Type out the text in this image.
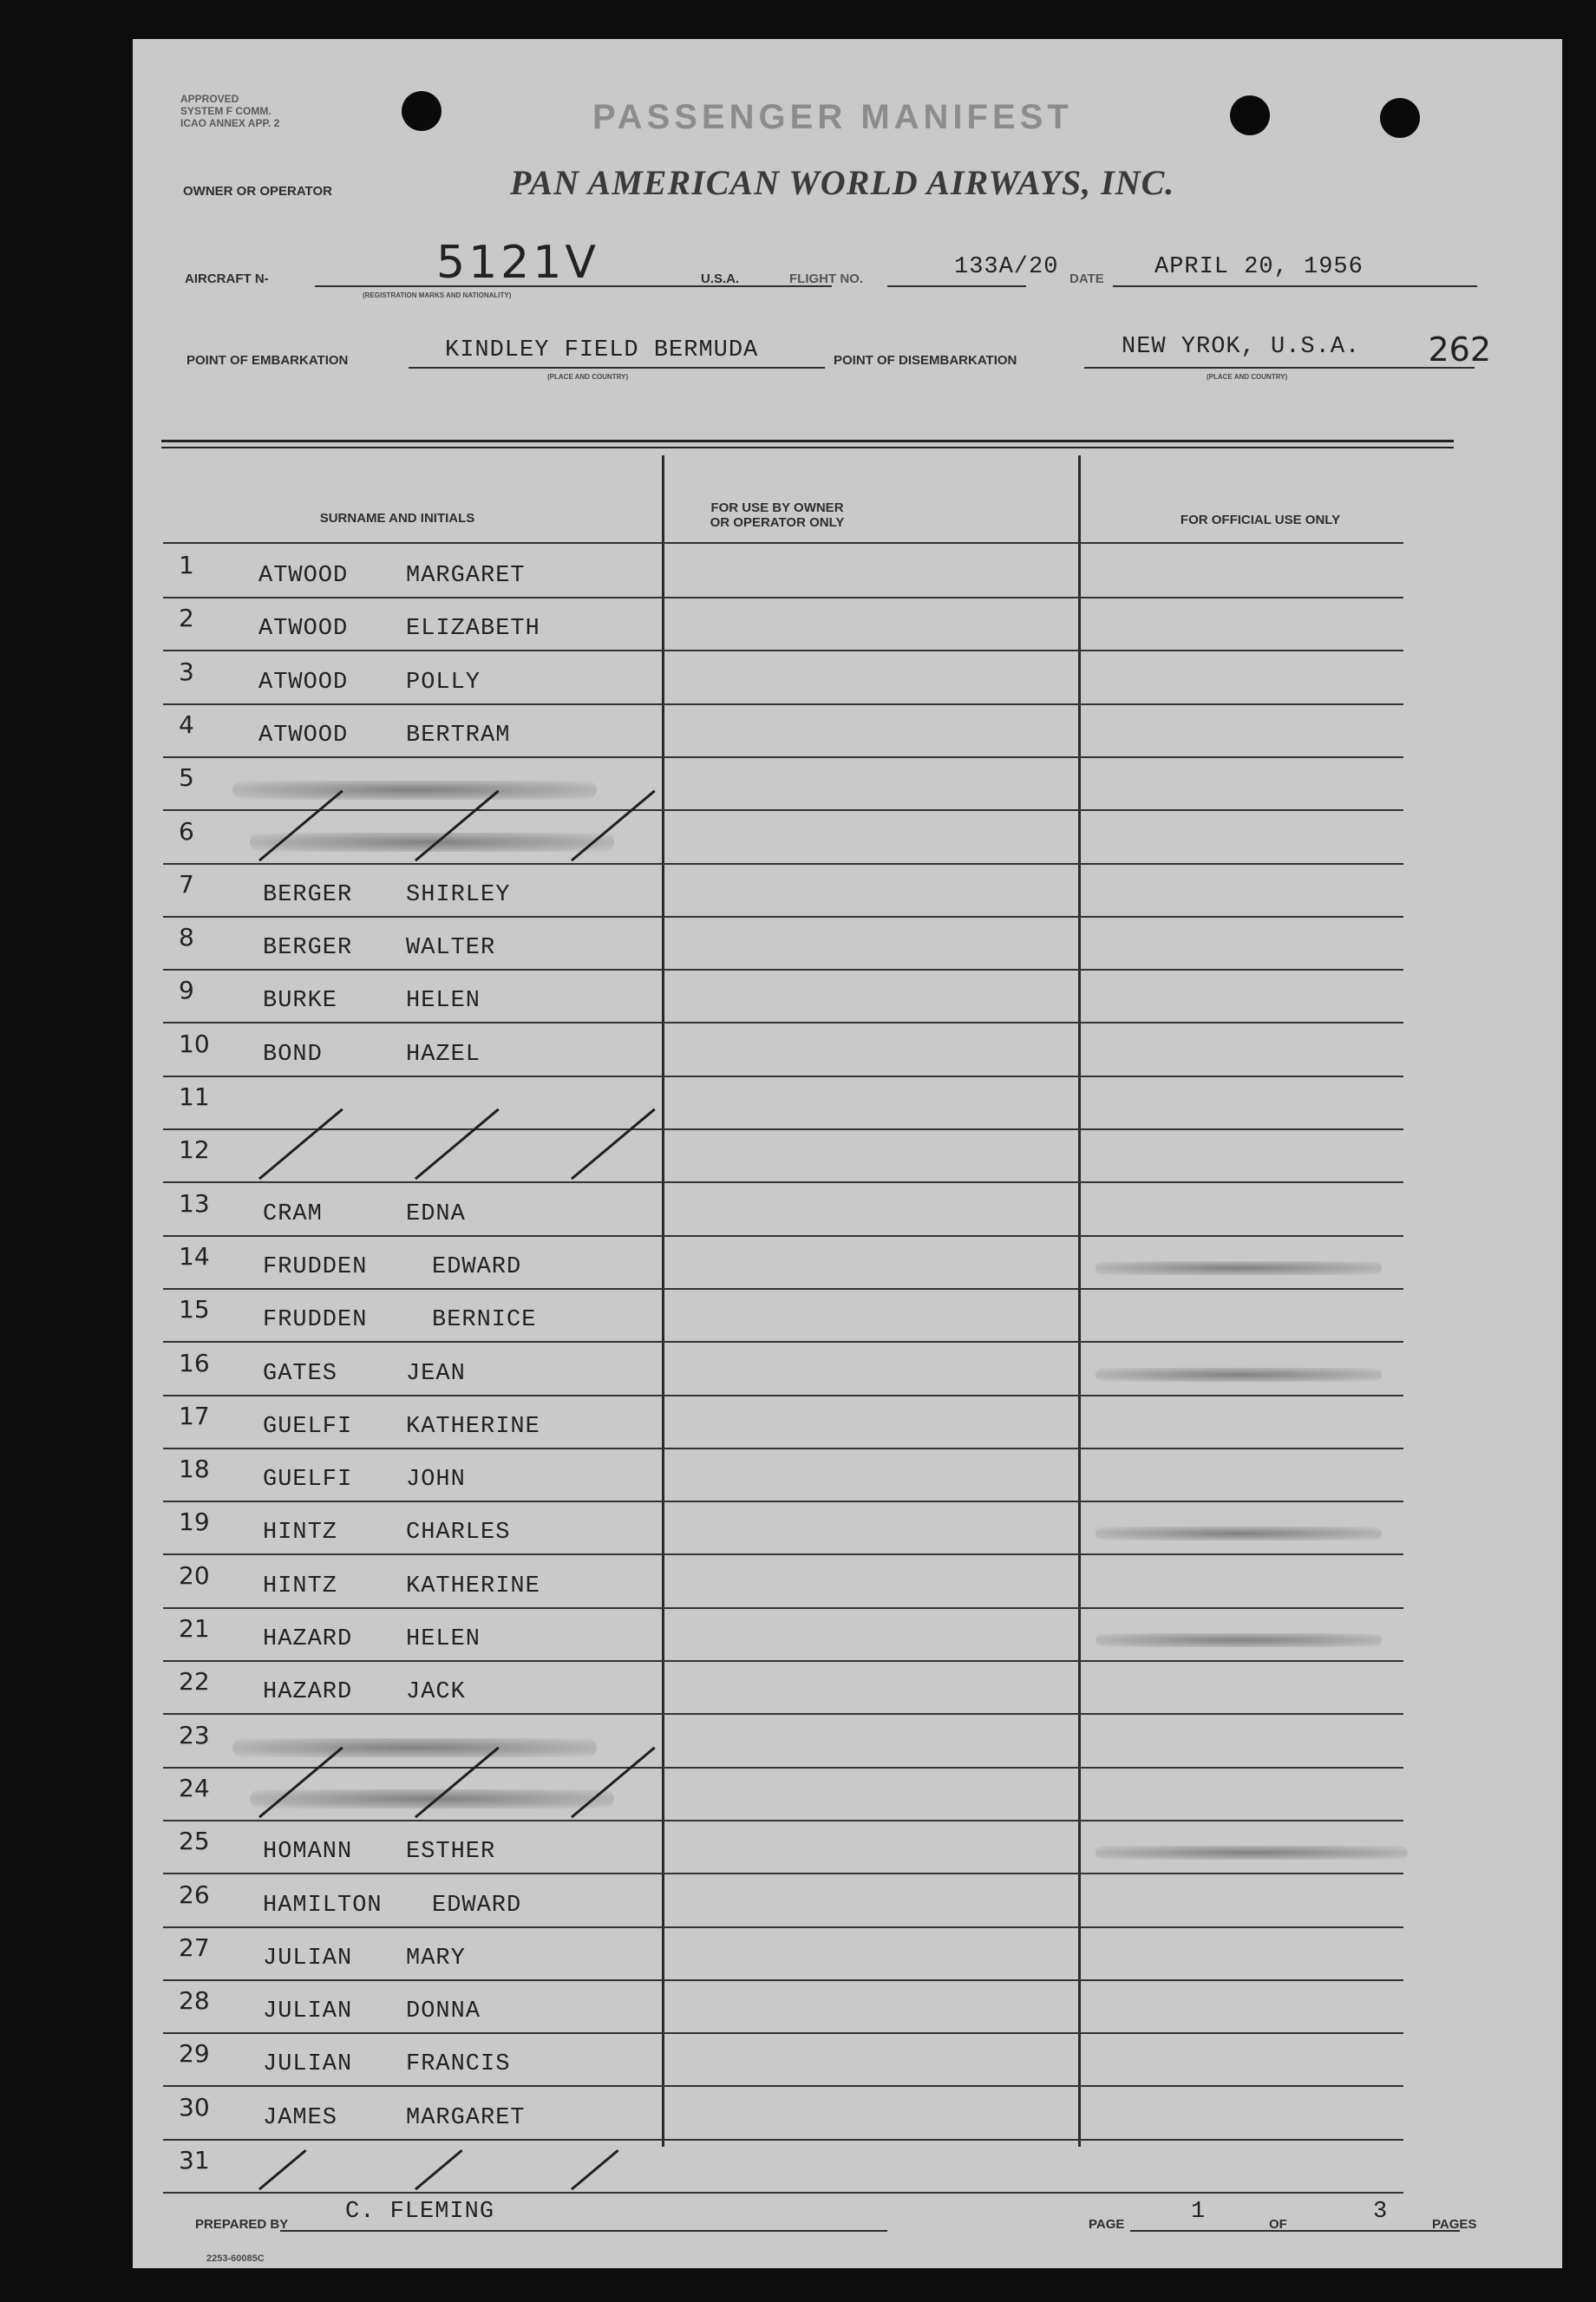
APPROVED
SYSTEM F COMM.
ICAO ANNEX APP. 2	PASSENGER MANIFEST
OWNER OR OPERATOR	PAN AMERICAN WORLD AIRWAYS, INC.
AIRCRAFT N-	5121V
(REGISTRATION MARKS AND NATIONALITY)
U.S.A.	FLIGHT NO.	133A/20 DATE APRIL 20, 1956
POINT OF EMBARKATION	KINDLEY FIELD BERMUDA
(PLACE AND COUNTRY)
POINT OF DISEMBARKATION
NEW YROK, U.S.A.
(PLACE AND COUNTRY)
262
SURNAME AND INITIALS
FOR USE BY OWNER
OR OPERATOR ONLY	FOR OFFICIAL USE ONLY
1	ATWOOD MARGARET
2	ATWOOD ELIZABETH
3	ATWOOD POLLY
4	ATWOOD BERTRAM
5
6
7	BERGER SHIRLEY
8	BERGER WALTER
9	BURKE	HELEN
10 BOND	HAZEL
11
12
13 CRAM	EDNA
14 FRUDDEN	EDWARD
15 FRUDDEN	BERNICE
16 GATES	JEAN
17 GUELFI KATHERINE
18 GUELFI JOHN
19 HINTZ	CHARLES
20 HINTZ	KATHERINE
21 HAZARD HELEN
22 HAZARD JACK
23
24
25 HOMANN ESTHER
26 HAMILTON EDWARD
27 JULIAN MARY
28 JULIAN DONNA
29 JULIAN FRANCIS
30 JAMES	MARGARET
31
PREPARED BY C. FLEMING	PAGE	1	OF	3	PAGES
2253-60085C
